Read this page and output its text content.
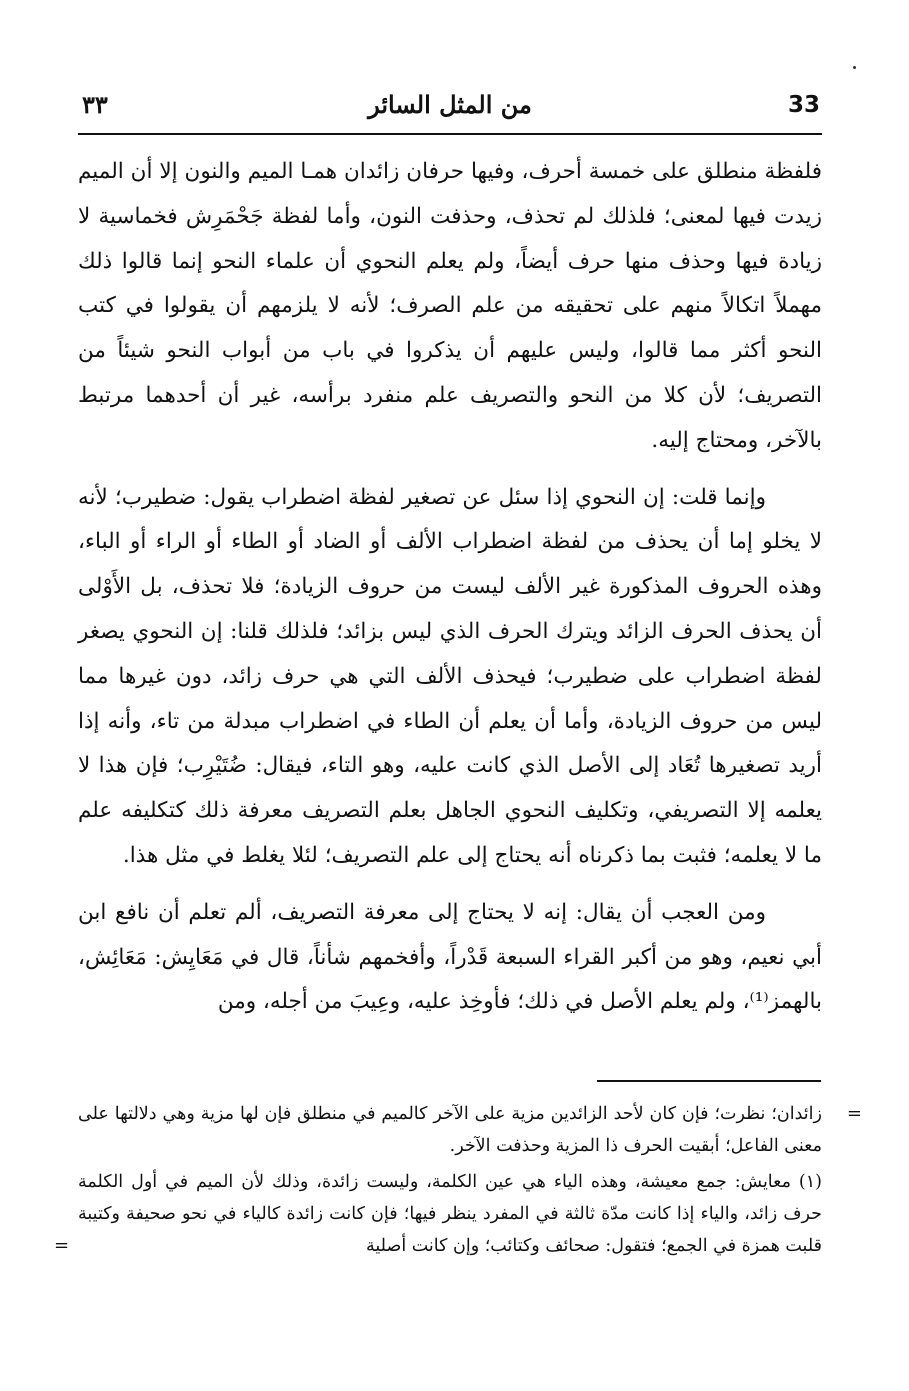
33
من المثل السائر
٣٣

فلفظة منطلق على خمسة أحرف، وفيها حرفان زائدان همـا الميم والنون إلا أن الميم زيدت فيها لمعنى؛ فلذلك لم تحذف، وحذفت النون، وأما لفظة جَحْمَرِش فخماسية لا زيادة فيها وحذف منها حرف أيضاً، ولم يعلم النحوي أن علماء النحو إنما قالوا ذلك مهملاً اتكالاً منهم على تحقيقه من علم الصرف؛ لأنه لا يلزمهم أن يقولوا في كتب النحو أكثر مما قالوا، وليس عليهم أن يذكروا في باب من أبواب النحو شيئاً من التصريف؛ لأن كلا من النحو والتصريف علم منفرد برأسه، غير أن أحدهما مرتبط بالآخر، ومحتاج إليه.

وإنما قلت: إن النحوي إذا سئل عن تصغير لفظة اضطراب يقول: ضطيرب؛ لأنه لا يخلو إما أن يحذف من لفظة اضطراب الألف أو الضاد أو الطاء أو الراء أو الباء، وهذه الحروف المذكورة غير الألف ليست من حروف الزيادة؛ فلا تحذف، بل الأَوْلى أن يحذف الحرف الزائد ويترك الحرف الذي ليس بزائد؛ فلذلك قلنا: إن النحوي يصغر لفظة اضطراب على ضطيرب؛ فيحذف الألف التي هي حرف زائد، دون غيرها مما ليس من حروف الزيادة، وأما أن يعلم أن الطاء في اضطراب مبدلة من تاء، وأنه إذا أريد تصغيرها تُعَاد إلى الأصل الذي كانت عليه، وهو التاء، فيقال: ضُتَيْرِب؛ فإن هذا لا يعلمه إلا التصريفي، وتكليف النحوي الجاهل بعلم التصريف معرفة ذلك كتكليفه علم ما لا يعلمه؛ فثبت بما ذكرناه أنه يحتاج إلى علم التصريف؛ لئلا يغلط في مثل هذا.

ومن العجب أن يقال: إنه لا يحتاج إلى معرفة التصريف، ألم تعلم أن نافع ابن أبي نعيم، وهو من أكبر القراء السبعة قَدْراً، وأفخمهم شأناً، قال في مَعَايِش: مَعَائِش، بالهمز⁽¹⁾، ولم يعلم الأصل في ذلك؛ فأوخِذ عليه، وعِيبَ من أجله، ومن

=
زائدان؛ نظرت؛ فإن كان لأحد الزائدين مزية على الآخر كالميم في منطلق فإن لها مزية وهي دلالتها على معنى الفاعل؛ أبقيت الحرف ذا المزية وحذفت الآخر.
(١) معايش: جمع معيشة، وهذه الياء هي عين الكلمة، وليست زائدة، وذلك لأن الميم في أول الكلمة حرف زائد، والياء إذا كانت مدّة ثالثة في المفرد ينظر فيها؛ فإن كانت زائدة كالياء في نحو صحيفة وكتيبة قلبت همزة في الجمع؛ فتقول: صحائف وكتائب؛ وإن كانت أصلية
=
